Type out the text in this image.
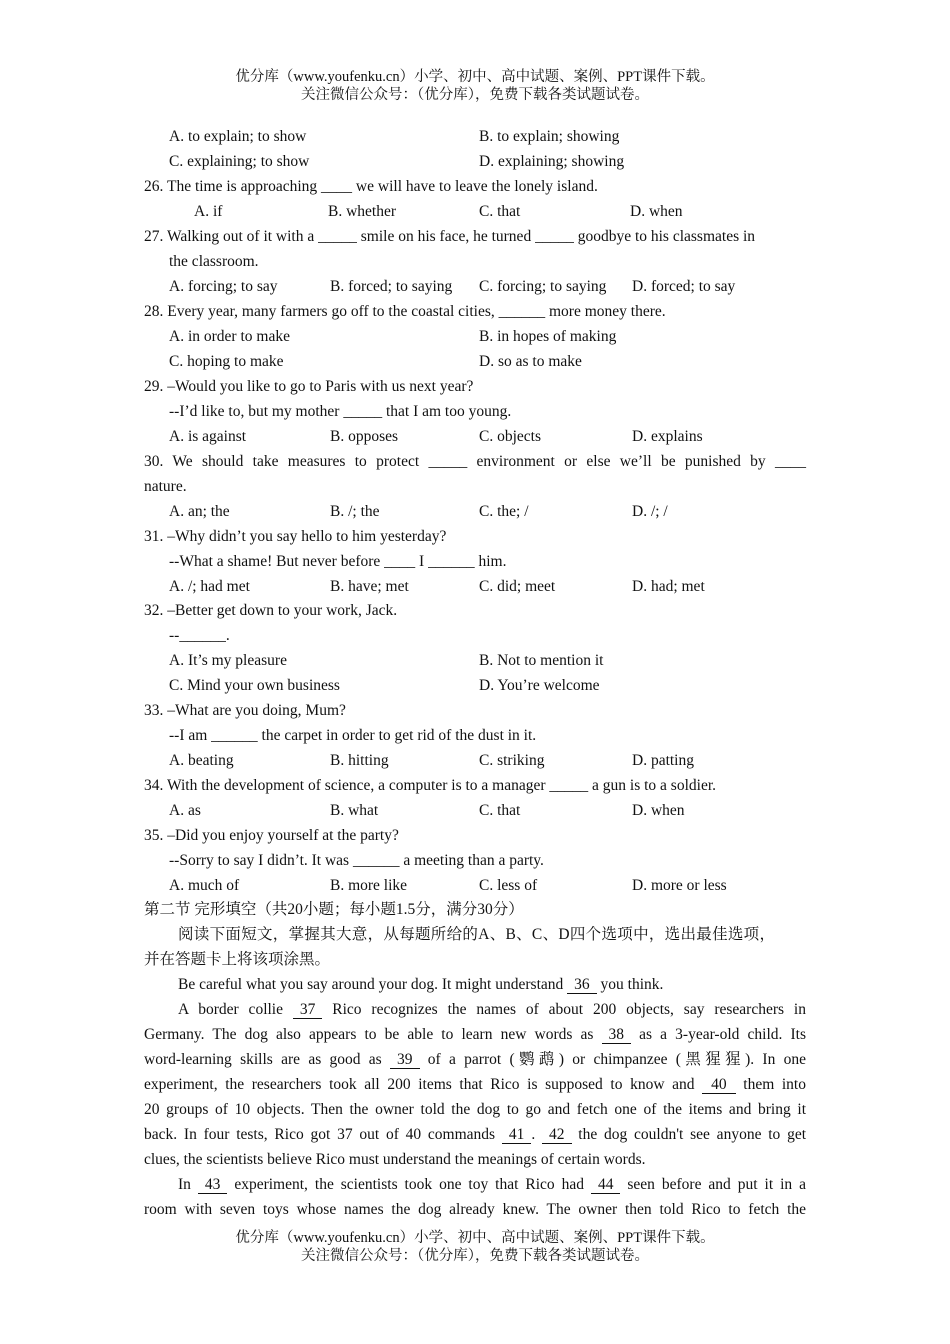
优分库（www.youfenku.cn）小学、初中、高中试题、案例、PPT课件下载。
关注微信公众号：（优分库），免费下载各类试题试卷。
A. to explain; to show	B. to explain; showing
C. explaining; to show	D. explaining; showing
26. The time is approaching ____ we will have to leave the lonely island.
A. if	B. whether	C. that	D. when
27. Walking out of it with a _____ smile on his face, he turned _____ goodbye to his classmates in
the classroom.
A. forcing; to say	B. forced; to saying C. forcing; to saying D. forced; to say
28. Every year, many farmers go off to the coastal cities, ______ more money there.
A. in order to make	B. in hopes of making
C. hoping to make	D. so as to make
29. –Would you like to go to Paris with us next year?
--I’d like to, but my mother _____ that I am too young.
A. is against	B. opposes	C. objects	D. explains
30. We should take measures to protect _____ environment or else we’ll be punished by ____
nature.
A. an; the	B. /; the	C. the; /	D. /; /
31. –Why didn’t you say hello to him yesterday?
--What a shame! But never before ____ I ______ him.
A. /; had met	B. have; met	C. did; meet	D. had; met
32. –Better get down to your work, Jack.
--______.
A. It’s my pleasure	B. Not to mention it
C. Mind your own business	D. You’re welcome
33. –What are you doing, Mum?
--I am ______ the carpet in order to get rid of the dust in it.
A. beating	B. hitting	C. striking	D. patting
34. With the development of science, a computer is to a manager _____ a gun is to a soldier.
A. as	B. what	C. that	D. when
35. –Did you enjoy yourself at the party?
--Sorry to say I didn’t. It was ______ a meeting than a party.
A. much of	B. more like	C. less of	D. more or less
第二节 完形填空（共20小题；每小题1.5分，满分30分）
阅读下面短文，掌握其大意，从每题所给的A、B、C、D四个选项中，选出最佳选项，
并在答题卡上将该项涂黑。
Be careful what you say around your dog. It might understand 36 you think.
A border collie 37 Rico recognizes the names of about 200 objects, say researchers in
Germany. The dog also appears to be able to learn new words as 38 as a 3-year-old child. Its
word-learning skills are as good as 39 of a parrot (鹦鹉) or chimpanzee (黑猩猩). In one
experiment, the researchers took all 200 items that Rico is supposed to know and 40 them into
20 groups of 10 objects. Then the owner told the dog to go and fetch one of the items and bring it
back. In four tests, Rico got 37 out of 40 commands 41 . 42 the dog couldn't see anyone to get
clues, the scientists believe Rico must understand the meanings of certain words.
In 43 experiment, the scientists took one toy that Rico had 44 seen before and put it in a
room with seven toys whose names the dog already knew. The owner then told Rico to fetch the
优分库（www.youfenku.cn）小学、初中、高中试题、案例、PPT课件下载。
关注微信公众号：（优分库），免费下载各类试题试卷。
